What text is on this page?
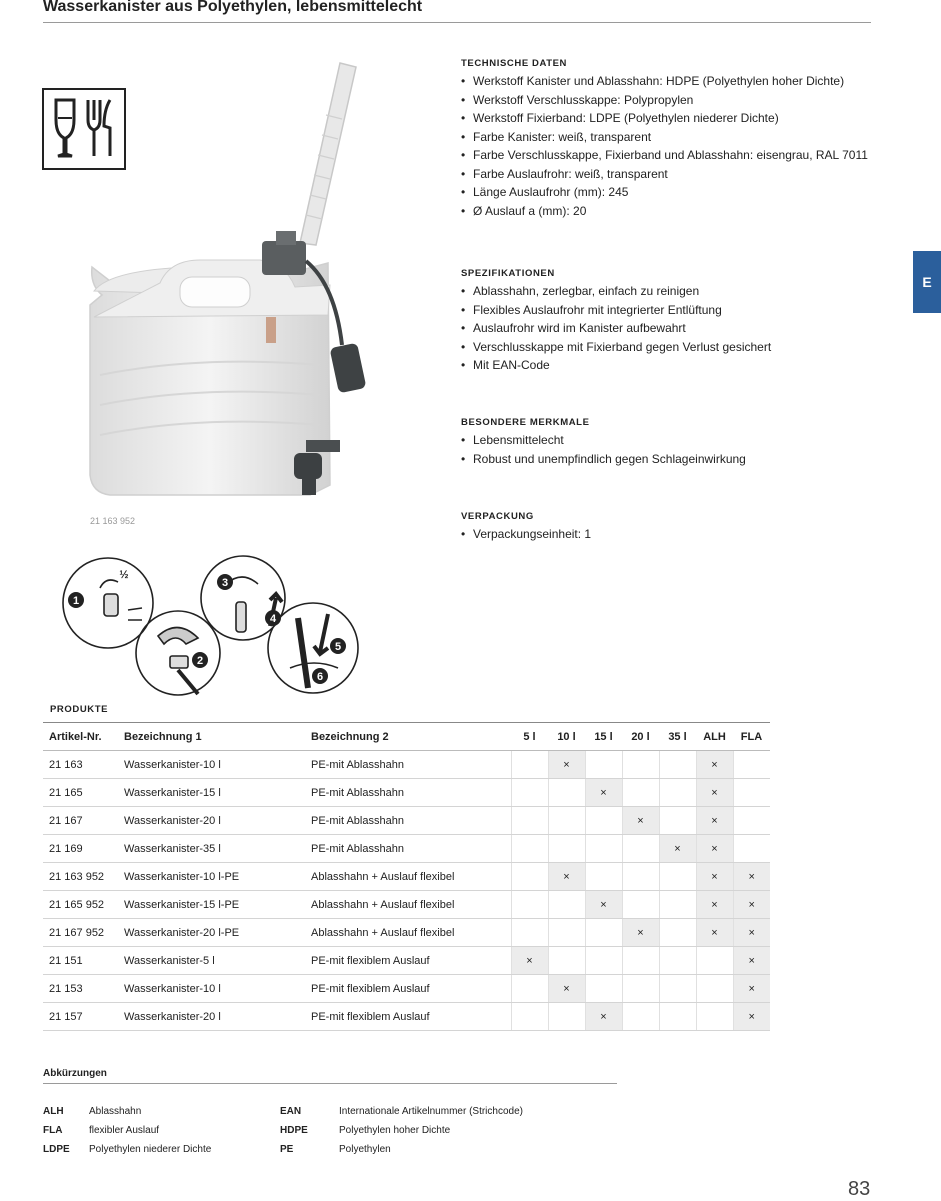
Wasserkanister aus Polyethylen, lebensmittelecht
21 163 952
½
1
2
3
4
5
6
TECHNISCHE DATEN
• Werkstoff Kanister und Ablasshahn: HDPE (Polyethylen hoher Dichte)
• Werkstoff Verschlusskappe: Polypropylen
• Werkstoff Fixierband: LDPE (Polyethylen niederer Dichte)
• Farbe Kanister: weiß, transparent
• Farbe Verschlusskappe, Fixierband und Ablasshahn: eisengrau, RAL 7011
• Farbe Auslaufrohr: weiß, transparent
• Länge Auslaufrohr (mm): 245
• Ø Auslauf a (mm): 20
SPEZIFIKATIONEN
• Ablasshahn, zerlegbar, einfach zu reinigen
• Flexibles Auslaufrohr mit integrierter Entlüftung
• Auslaufrohr wird im Kanister aufbewahrt
• Verschlusskappe mit Fixierband gegen Verlust gesichert
• Mit EAN-Code
BESONDERE MERKMALE
• Lebensmittelecht
• Robust und unempfindlich gegen Schlageinwirkung
VERPACKUNG
• Verpackungseinheit: 1
E
PRODUKTE
Artikel-Nr.	Bezeichnung 1	Bezeichnung 2	5 l	10 l	15 l	20 l	35 l	ALH	FLA
21 163	Wasserkanister-10 l	PE-mit Ablasshahn		×				×	
21 165	Wasserkanister-15 l	PE-mit Ablasshahn			×			×	
21 167	Wasserkanister-20 l	PE-mit Ablasshahn				×		×	
21 169	Wasserkanister-35 l	PE-mit Ablasshahn					×	×	
21 163 952	Wasserkanister-10 l-PE	Ablasshahn + Auslauf flexibel		×				×	×
21 165 952	Wasserkanister-15 l-PE	Ablasshahn + Auslauf flexibel			×			×	×
21 167 952	Wasserkanister-20 l-PE	Ablasshahn + Auslauf flexibel				×		×	×
21 151	Wasserkanister-5 l	PE-mit flexiblem Auslauf	×						×
21 153	Wasserkanister-10 l	PE-mit flexiblem Auslauf		×					×
21 157	Wasserkanister-20 l	PE-mit flexiblem Auslauf			×				×
Abkürzungen
ALH	Ablasshahn	EAN	Internationale Artikelnummer (Strichcode)
FLA	flexibler Auslauf	HDPE	Polyethylen hoher Dichte
LDPE Polyethylen niederer Dichte	PE	Polyethylen
83
